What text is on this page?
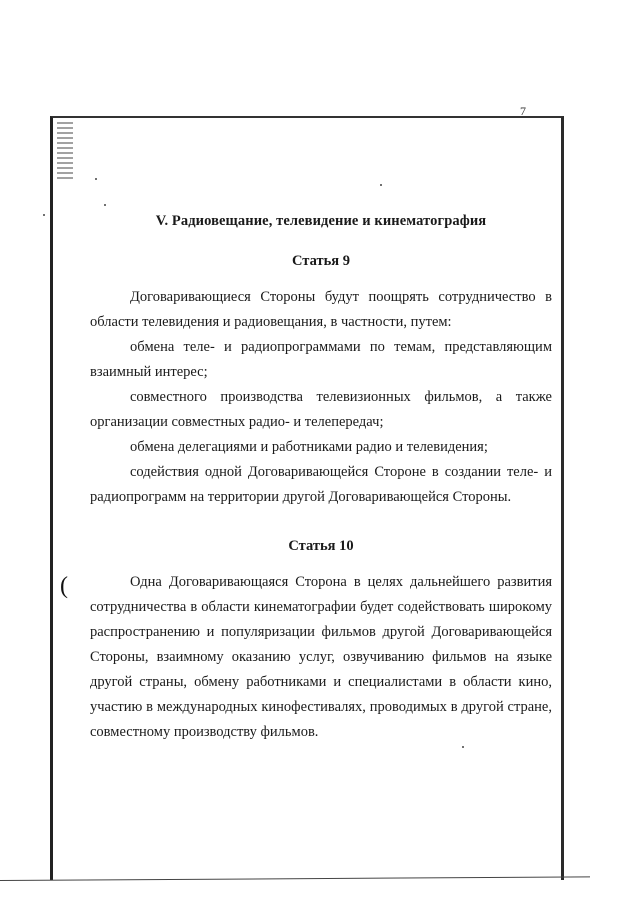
7
(
V. Радиовещание, телевидение и кинематография
Статья 9

Договаривающиеся Стороны будут поощрять сотрудничество в области телевидения и радиовещания, в частности, путем:

обмена теле- и радиопрограммами по темам, представляющим взаимный интерес;

совместного производства телевизионных фильмов, а также организации совместных радио- и телепередач;

обмена делегациями и работниками радио и телевидения;

содействия одной Договаривающейся Стороне в создании теле- и радиопрограмм на территории другой Договаривающейся Стороны.

Статья 10

Одна Договаривающаяся Сторона в целях дальнейшего развития сотрудничества в области кинематографии будет содействовать широкому распространению и популяризации фильмов другой Договаривающейся Стороны, взаимному оказанию услуг, озвучиванию фильмов на языке другой страны, обмену работниками и специалистами в области кино, участию в международных кинофестивалях, проводимых в другой стране, совместному производству фильмов.
